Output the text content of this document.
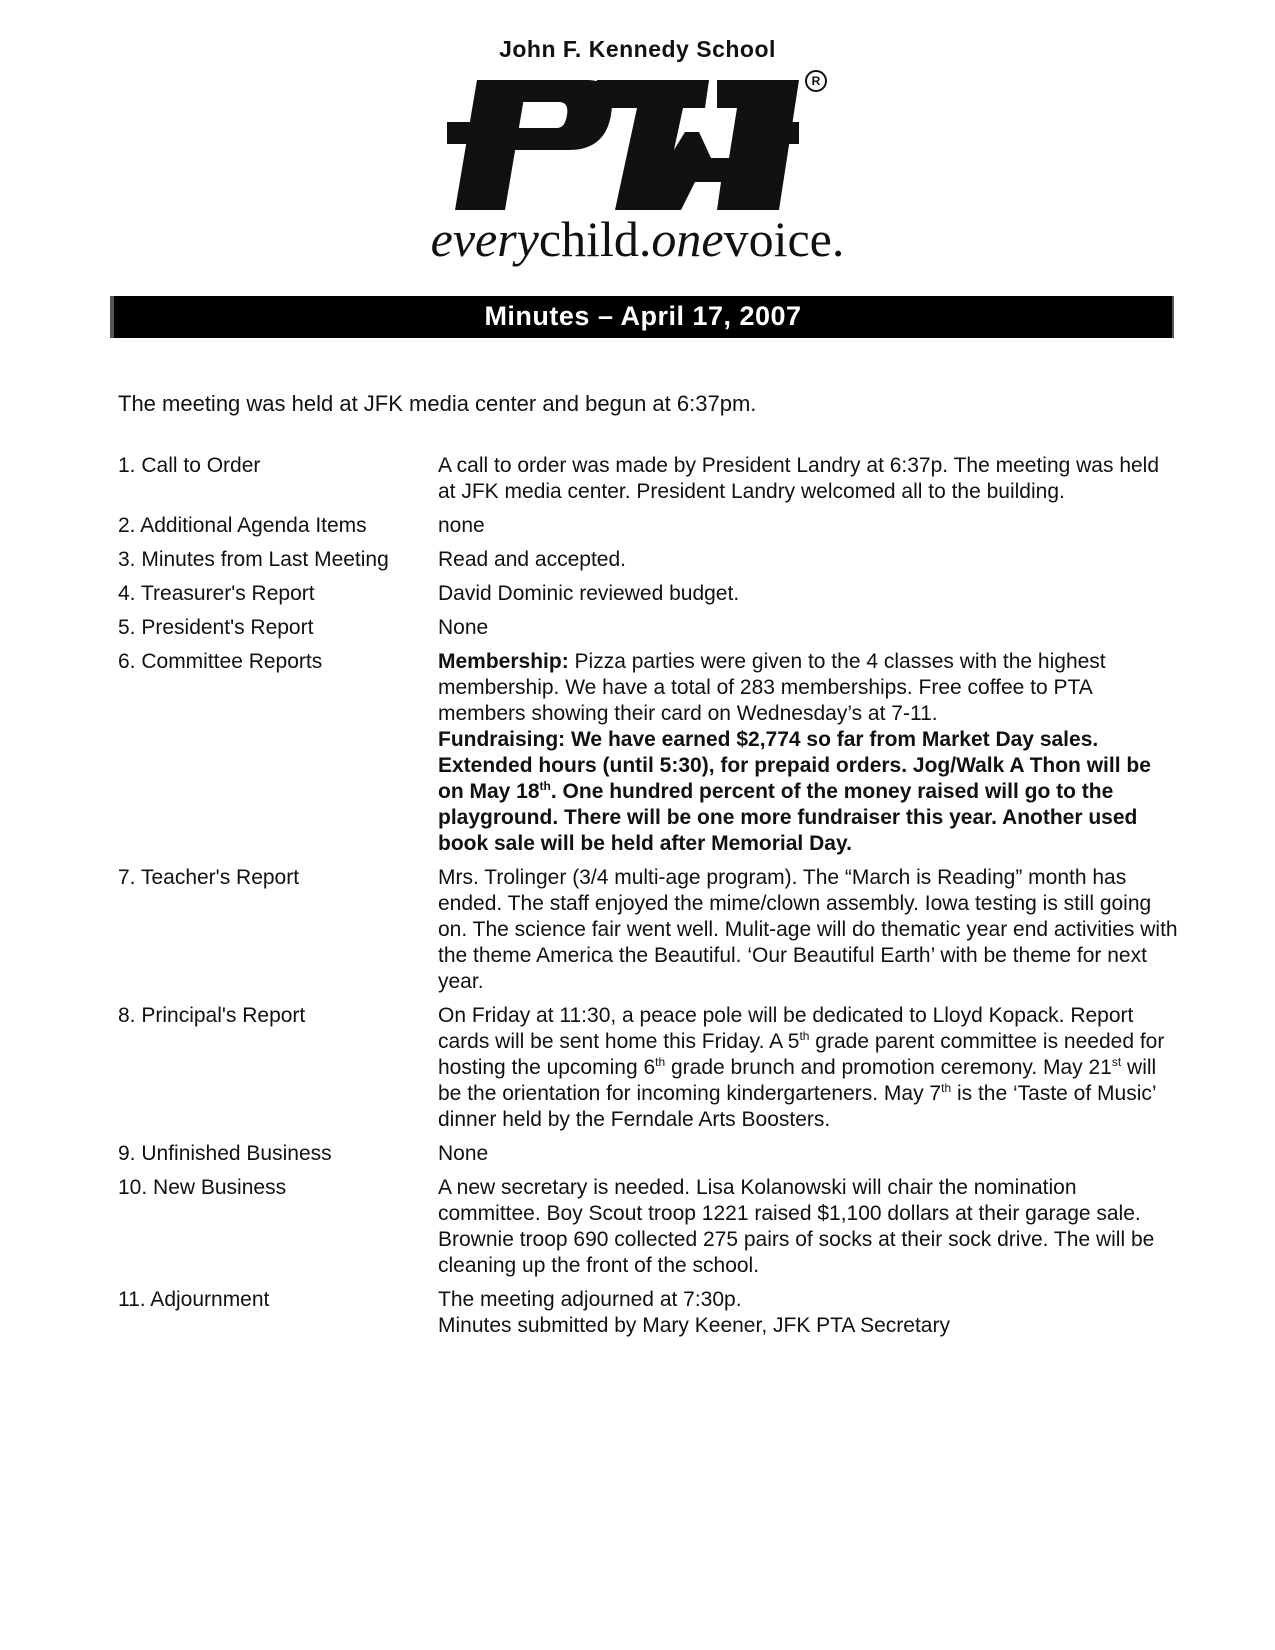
John F. Kennedy School
R
everychild.onevoice.
Minutes – April 17, 2007
The meeting was held at JFK media center and begun at 6:37pm.
1. Call to Order	A call to order was made by President Landry at 6:37p. The meeting was held at JFK media center. President Landry welcomed all to the building.
2. Additional Agenda Items	none
3. Minutes from Last Meeting	Read and accepted.
4. Treasurer's Report	David Dominic reviewed budget.
5. President's Report	None
6. Committee Reports	Membership: Pizza parties were given to the 4 classes with the highest membership. We have a total of 283 memberships. Free coffee to PTA members showing their card on Wednesday’s at 7-11.

Fundraising: We have earned $2,774 so far from Market Day sales. Extended hours (until 5:30), for prepaid orders. Jog/Walk A Thon will be on May 18th. One hundred percent of the money raised will go to the playground. There will be one more fundraiser this year. Another used book sale will be held after Memorial Day.

7. Teacher's Report	Mrs. Trolinger (3/4 multi-age program). The “March is Reading” month has ended. The staff enjoyed the mime/clown assembly. Iowa testing is still going on. The science fair went well. Mulit-age will do thematic year end activities with the theme America the Beautiful. ‘Our Beautiful Earth’ with be theme for next year.
8. Principal's Report	On Friday at 11:30, a peace pole will be dedicated to Lloyd Kopack. Report cards will be sent home this Friday. A 5th grade parent committee is needed for hosting the upcoming 6th grade brunch and promotion ceremony. May 21st will be the orientation for incoming kindergarteners. May 7th is the ‘Taste of Music’ dinner held by the Ferndale Arts Boosters.
9. Unfinished Business	None
10. New Business	A new secretary is needed. Lisa Kolanowski will chair the nomination committee. Boy Scout troop 1221 raised $1,100 dollars at their garage sale. Brownie troop 690 collected 275 pairs of socks at their sock drive. The will be cleaning up the front of the school.
11. Adjournment	The meeting adjourned at 7:30p.

Minutes submitted by Mary Keener, JFK PTA Secretary
